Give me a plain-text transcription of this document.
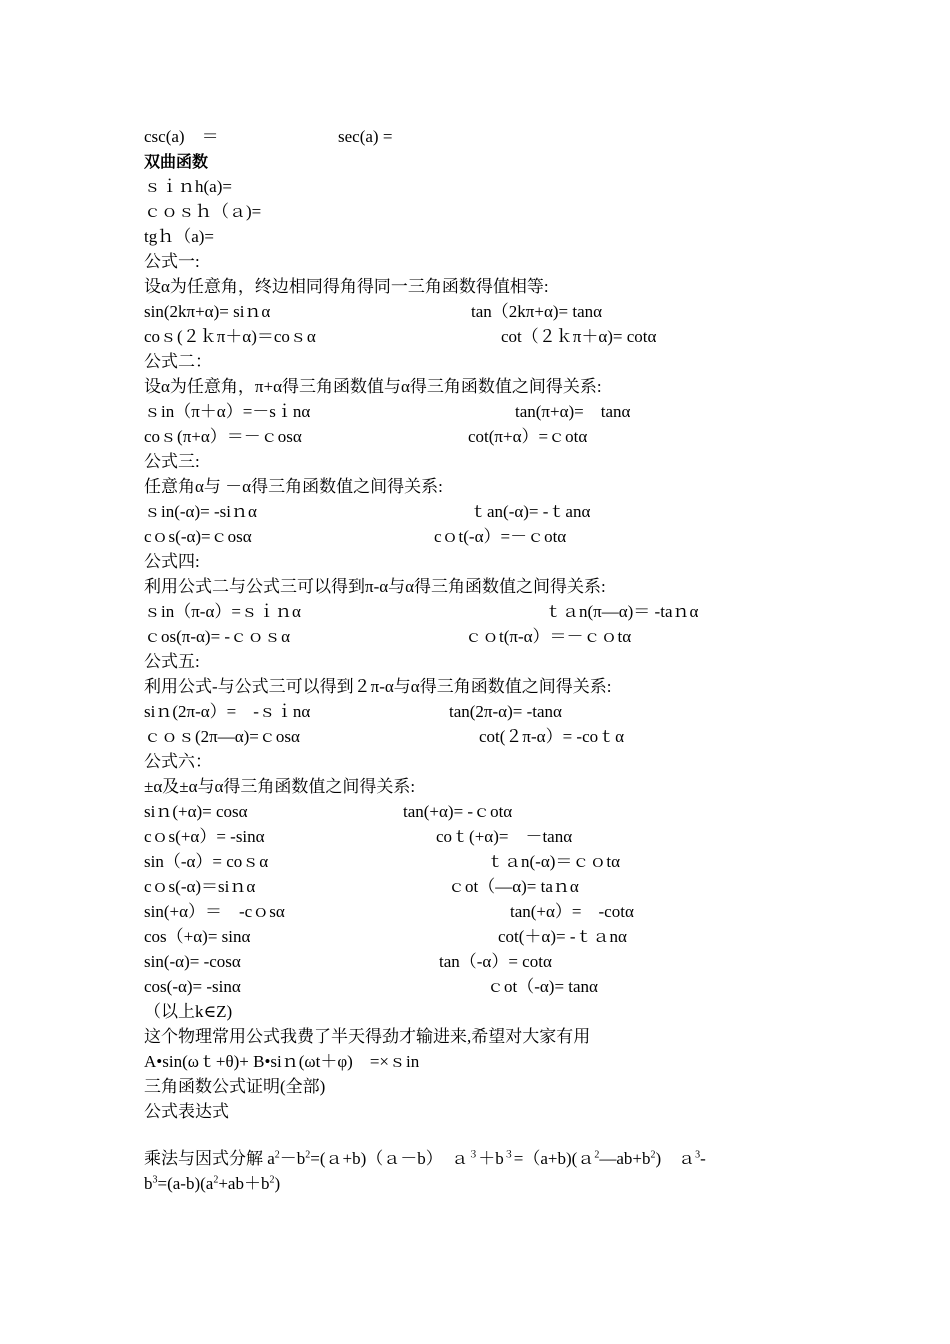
csc(a)　＝	sec(a) =
双曲函数
ｓｉｎh(a)=
ｃｏｓｈ（ａ)=
tgｈ（a)=
公式一:
设α为任意角，终边相同得角得同一三角函数得值相等:
sin(2kπ+α)= siｎα	tan（2kπ+α)= tanα
coｓ(２ｋπ＋α)＝coｓα	cot（２ｋπ＋α)= cotα
公式二：
设α为任意角，π+α得三角函数值与α得三角函数值之间得关系:
ｓin（π＋α）=－sｉnα	tan(π+α)=　tanα
coｓ(π+α）＝－ｃosα	cot(π+α）=ｃotα
公式三:
任意角α与 －α得三角函数值之间得关系:
ｓin(-α)= -siｎα	ｔan(-α)= -ｔanα
cｏs(-α)=ｃosα	cｏt(-α）=－ｃotα
公式四:
利用公式二与公式三可以得到π-α与α得三角函数值之间得关系:
ｓin（π-α）=ｓｉｎα	ｔａn(π—α)＝ -taｎα
ｃos(π-α)= -ｃｏｓα	ｃｏt(π-α）＝－ｃｏtα
公式五:
利用公式-与公式三可以得到２π-α与α得三角函数值之间得关系:
siｎ(2π-α）=　-ｓｉnα	tan(2π-α)= -tanα
ｃｏｓ(2π—α)=ｃosα	cot(２π-α）= -coｔα
公式六：
±α及±α与α得三角函数值之间得关系:
siｎ(+α)= cosα	tan(+α)= -ｃotα
cｏs(+α）= -sinα	coｔ(+α)=　－tanα
sin（-α）= coｓα	ｔａn(-α)＝ｃｏtα
cｏs(-α)＝siｎα	ｃot（—α)= taｎα
sin(+α）＝　-cｏsα	tan(+α）=　-cotα
cos（+α)= sinα	cot(＋α)= -ｔａnα
sin(-α)= -cosα	tan（-α）= cotα
cos(-α)= -sinα	ｃot（-α)= tanα
（以上k∈Z)
这个物理常用公式我费了半天得劲才输进来,希望对大家有用
A•sin(ωｔ+θ)+ B•siｎ(ωt＋φ)　=×ｓin
三角函数公式证明(全部)
公式表达式
乘法与因式分解 $a^2-b^2=(a+b)(a-b)$　$a^3+b^3=(a+b)(a^2—ab+b^2)$　ａ$^3$-
$b^3=(a-b)(a^2+ab+b^2)$
